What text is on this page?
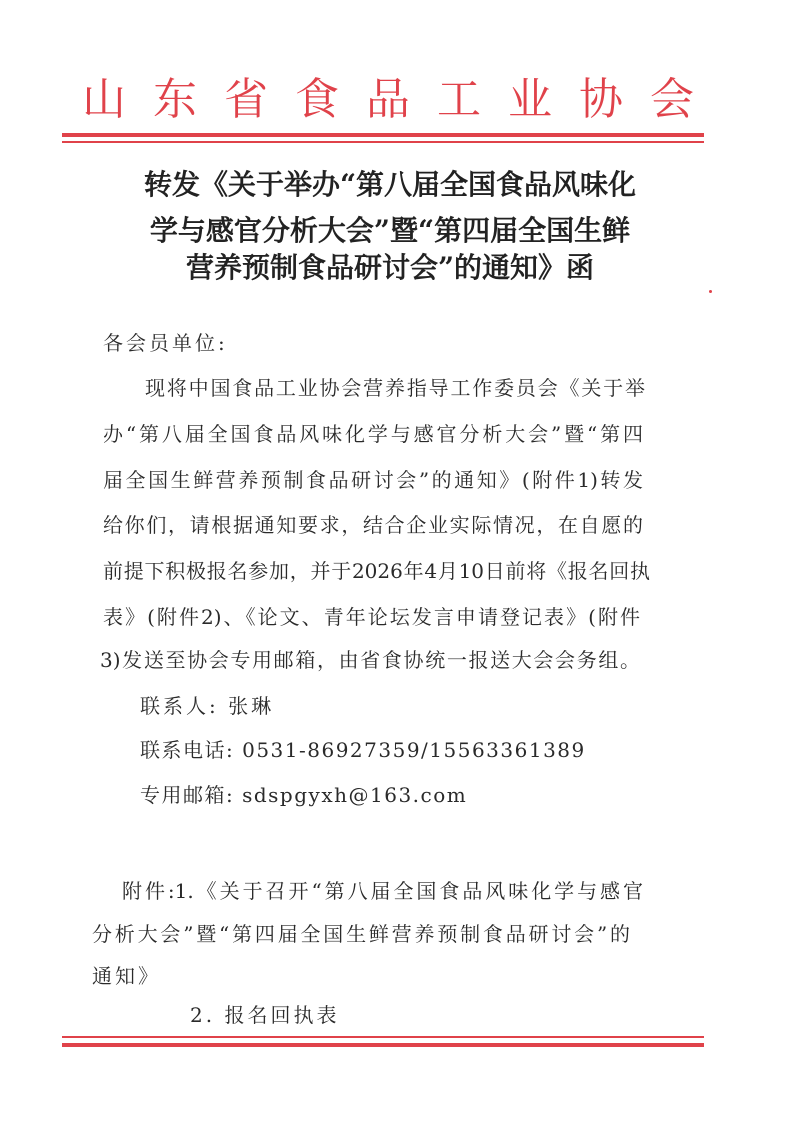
山东省食品工业协会
转发《关于举办“第八届全国食品风味化
学与感官分析大会”暨“第四届全国生鲜
营养预制食品研讨会”的通知》函
各会员单位:
现将中国食品工业协会营养指导工作委员会《关于举
办“第八届全国食品风味化学与感官分析大会”暨“第四
届全国生鲜营养预制食品研讨会”的通知》(附件1)转发
给你们，请根据通知要求，结合企业实际情况，在自愿的
前提下积极报名参加，并于2026年4月10日前将《报名回执
表》(附件2)、《论文、青年论坛发言申请登记表》(附件
3)发送至协会专用邮箱，由省食协统一报送大会会务组。
联系人: 张琳
联系电话: 0531-86927359/15563361389
专用邮箱: sdspgyxh@163.com
附件:1.《关于召开“第八届全国食品风味化学与感官
分析大会”暨“第四届全国生鲜营养预制食品研讨会”的
通知》
2. 报名回执表
